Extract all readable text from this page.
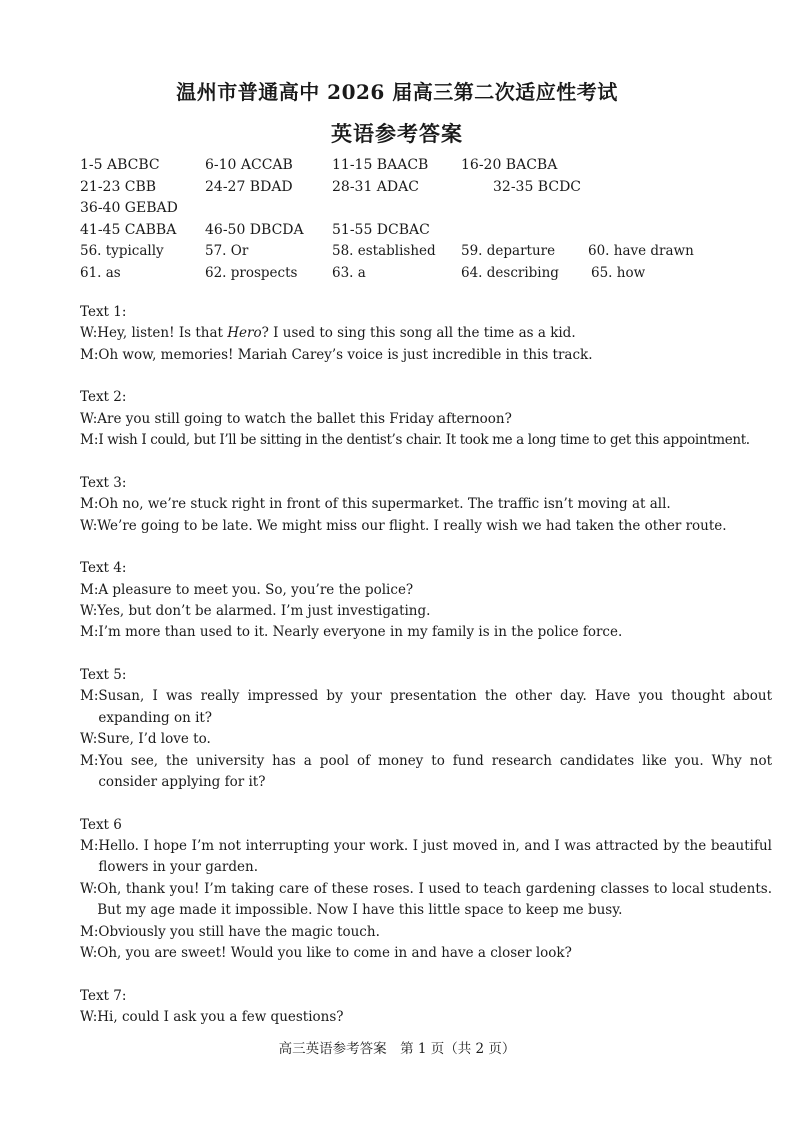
温州市普通高中 2026 届高三第二次适应性考试
英语参考答案
1-5 ABCBC	6-10 ACCAB	11-15 BAACB 16-20 BACBA
21-23 CBB	24-27 BDAD	28-31 ADAC	32-35 BCDC
36-40 GEBAD
41-45 CABBA 46-50 DBCDA 51-55 DCBAC
56. typically	57. Or	58. established 59. departure 60. have drawn
61. as	62. prospects	63. a	64. describing 65. how
Text 1:
W: Hey, listen! Is that Hero? I used to sing this song all the time as a kid.
M: Oh wow, memories! Mariah Carey’s voice is just incredible in this track.
Text 2:
W: Are you still going to watch the ballet this Friday afternoon?
M: I wish I could, but I’ll be sitting in the dentist’s chair. It took me a long time to get this appointment.
Text 3:
M: Oh no, we’re stuck right in front of this supermarket. The traffic isn’t moving at all.
W: We’re going to be late. We might miss our flight. I really wish we had taken the other route.
Text 4:
M: A pleasure to meet you. So, you’re the police?
W: Yes, but don’t be alarmed. I’m just investigating.
M: I’m more than used to it. Nearly everyone in my family is in the police force.
Text 5:
M: Susan, I was really impressed by your presentation the other day. Have you thought about expanding on it?
W: Sure, I’d love to.
M: You see, the university has a pool of money to fund research candidates like you. Why not consider applying for it?
Text 6
M: Hello. I hope I’m not interrupting your work. I just moved in, and I was attracted by the beautiful flowers in your garden.
W: Oh, thank you! I’m taking care of these roses. I used to teach gardening classes to local students. But my age made it impossible. Now I have this little space to keep me busy.
M: Obviously you still have the magic touch.
W: Oh, you are sweet! Would you like to come in and have a closer look?
Text 7:
W: Hi, could I ask you a few questions?
高三英语参考答案　第 1 页（共 2 页）
